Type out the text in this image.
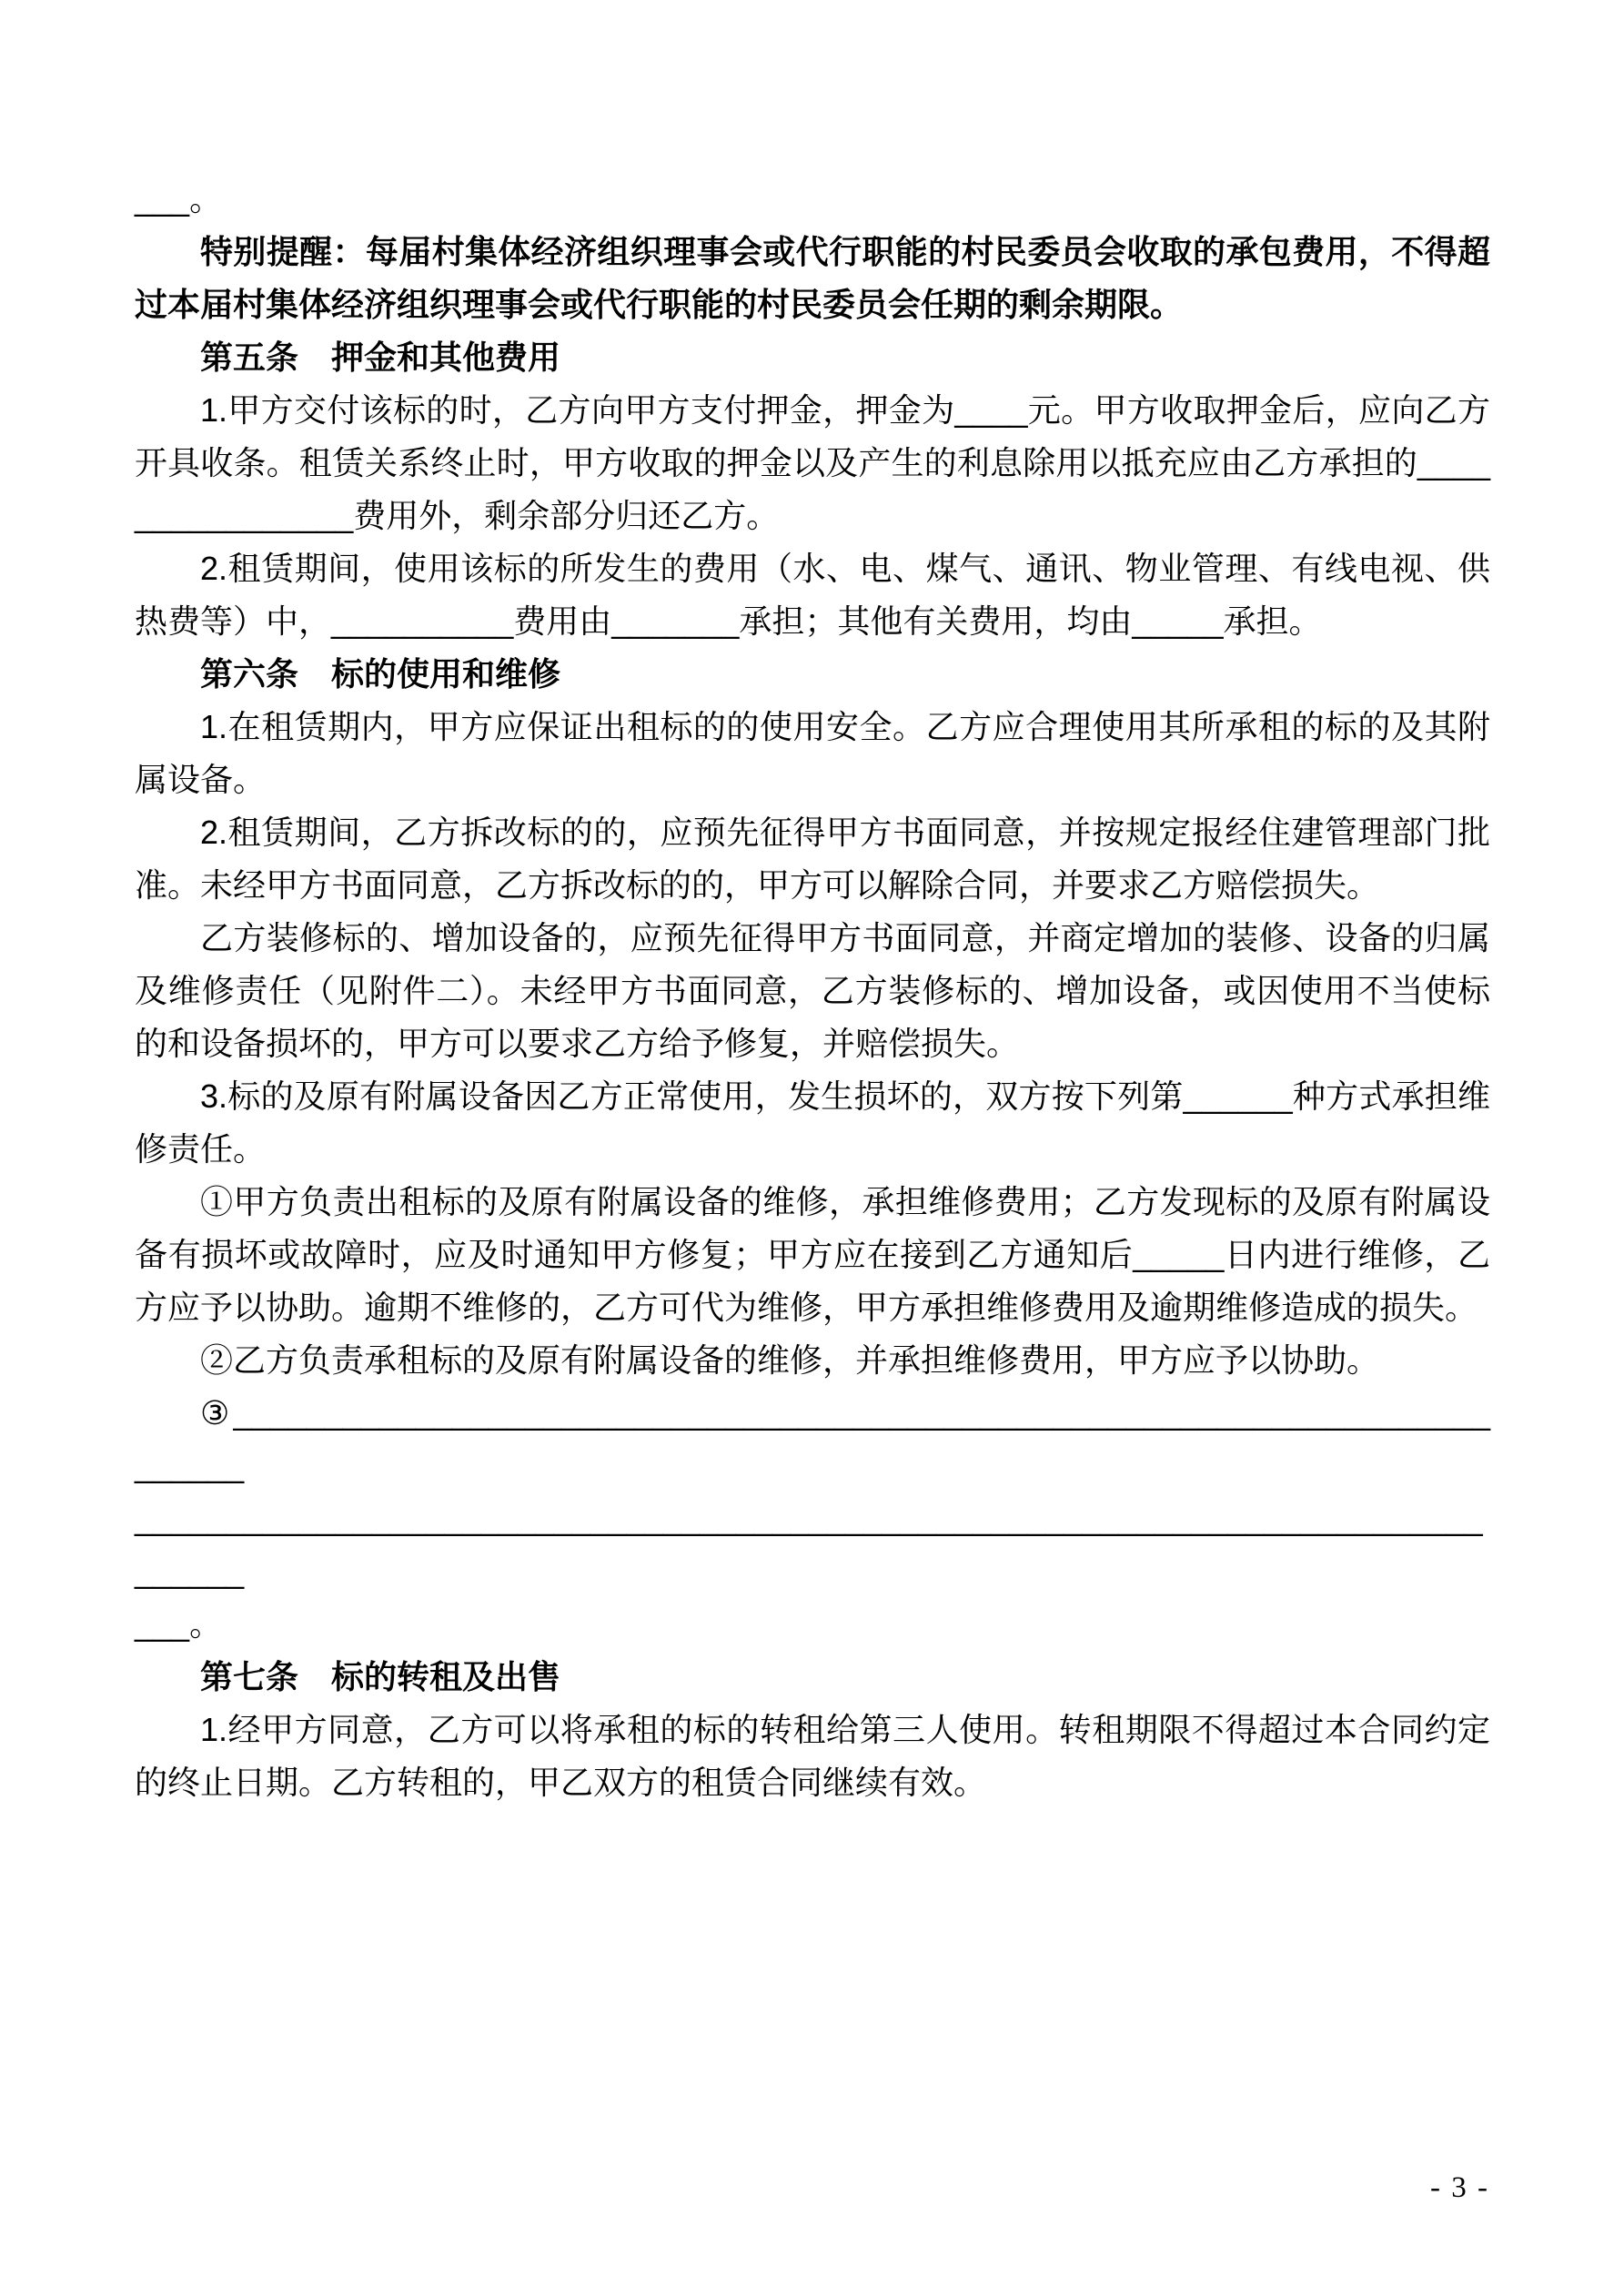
___。

特别提醒：每届村集体经济组织理事会或代行职能的村民委员会收取的承包费用，不得超过本届村集体经济组织理事会或代行职能的村民委员会任期的剩余期限。

第五条　押金和其他费用

1.甲方交付该标的时，乙方向甲方支付押金，押金为____元。甲方收取押金后，应向乙方开具收条。租赁关系终止时，甲方收取的押金以及产生的利息除用以抵充应由乙方承担的________________费用外，剩余部分归还乙方。

2.租赁期间，使用该标的所发生的费用（水、电、煤气、通讯、物业管理、有线电视、供热费等）中，__________费用由_______承担；其他有关费用，均由_____承担。

第六条　标的使用和维修

1.在租赁期内，甲方应保证出租标的的使用安全。乙方应合理使用其所承租的标的及其附属设备。

2.租赁期间，乙方拆改标的的，应预先征得甲方书面同意，并按规定报经住建管理部门批准。未经甲方书面同意，乙方拆改标的的，甲方可以解除合同，并要求乙方赔偿损失。

乙方装修标的、增加设备的，应预先征得甲方书面同意，并商定增加的装修、设备的归属及维修责任（见附件二）。未经甲方书面同意，乙方装修标的、增加设备，或因使用不当使标的和设备损坏的，甲方可以要求乙方给予修复，并赔偿损失。

3.标的及原有附属设备因乙方正常使用，发生损坏的，双方按下列第______种方式承担维修责任。

①甲方负责出租标的及原有附属设备的维修，承担维修费用；乙方发现标的及原有附属设备有损坏或故障时，应及时通知甲方修复；甲方应在接到乙方通知后_____日内进行维修，乙方应予以协助。逾期不维修的，乙方可代为维修，甲方承担维修费用及逾期维修造成的损失。

②乙方负责承租标的及原有附属设备的维修，并承担维修费用，甲方应予以协助。

③___________________________________________________________________________

________________________________________________________________________________

___。

第七条　标的转租及出售

1.经甲方同意，乙方可以将承租的标的转租给第三人使用。转租期限不得超过本合同约定的终止日期。乙方转租的，甲乙双方的租赁合同继续有效。

- 3 -
